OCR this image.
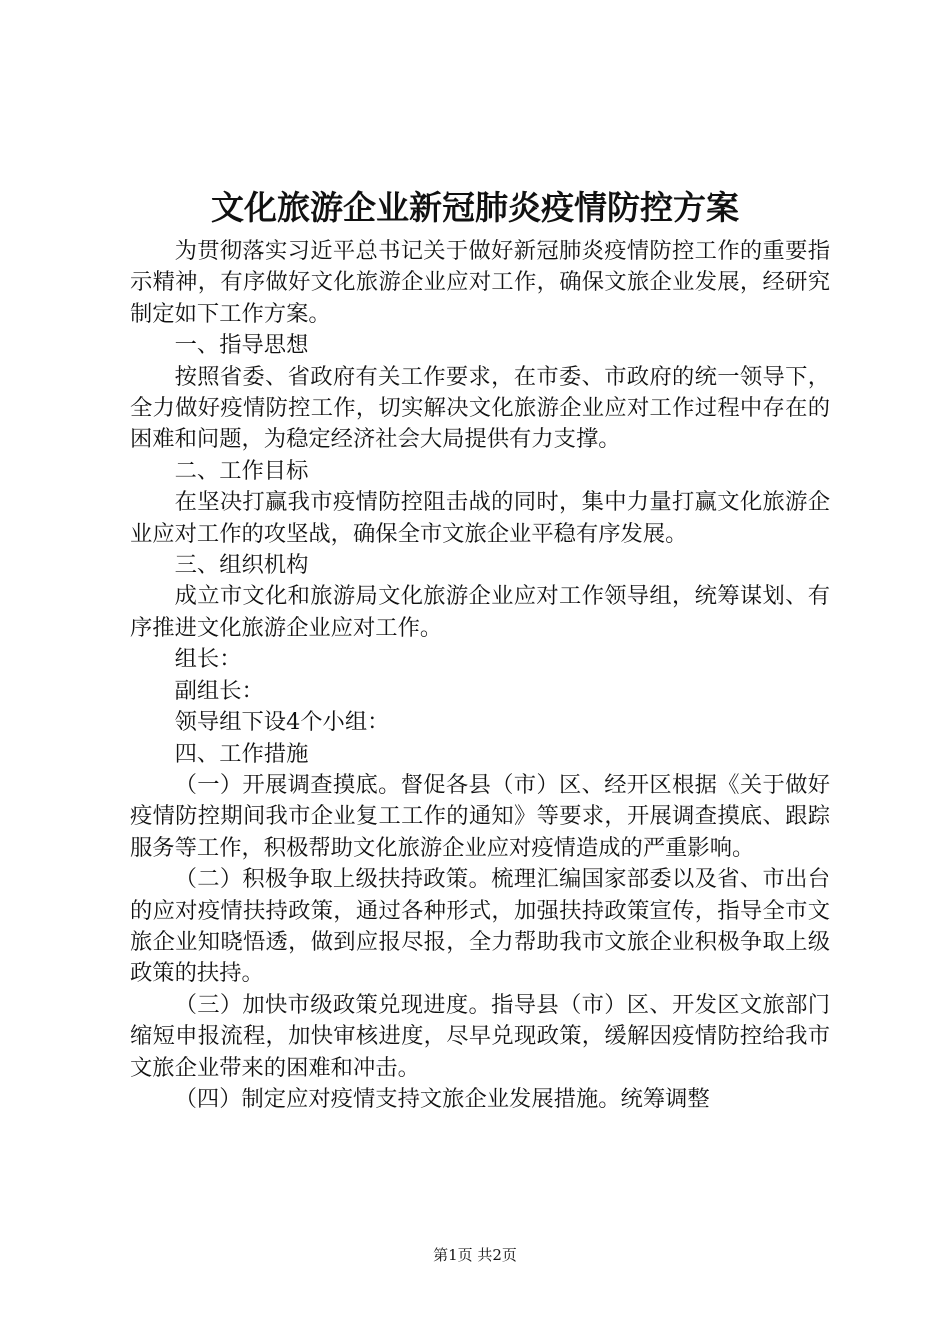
文化旅游企业新冠肺炎疫情防控方案

为贯彻落实习近平总书记关于做好新冠肺炎疫情防控工作的重要指示精神，有序做好文化旅游企业应对工作，确保文旅企业发展，经研究制定如下工作方案。

一、指导思想

按照省委、省政府有关工作要求，在市委、市政府的统一领导下，全力做好疫情防控工作，切实解决文化旅游企业应对工作过程中存在的困难和问题，为稳定经济社会大局提供有力支撑。

二、工作目标

在坚决打赢我市疫情防控阻击战的同时，集中力量打赢文化旅游企业应对工作的攻坚战，确保全市文旅企业平稳有序发展。

三、组织机构

成立市文化和旅游局文化旅游企业应对工作领导组，统筹谋划、有序推进文化旅游企业应对工作。

组长：

副组长：

领导组下设4个小组：

四、工作措施

（一）开展调查摸底。督促各县（市）区、经开区根据《关于做好疫情防控期间我市企业复工工作的通知》等要求，开展调查摸底、跟踪服务等工作，积极帮助文化旅游企业应对疫情造成的严重影响。

（二）积极争取上级扶持政策。梳理汇编国家部委以及省、市出台的应对疫情扶持政策，通过各种形式，加强扶持政策宣传，指导全市文旅企业知晓悟透，做到应报尽报，全力帮助我市文旅企业积极争取上级政策的扶持。

（三）加快市级政策兑现进度。指导县（市）区、开发区文旅部门缩短申报流程，加快审核进度，尽早兑现政策，缓解因疫情防控给我市文旅企业带来的困难和冲击。

（四）制定应对疫情支持文旅企业发展措施。统筹调整

第1页 共2页
